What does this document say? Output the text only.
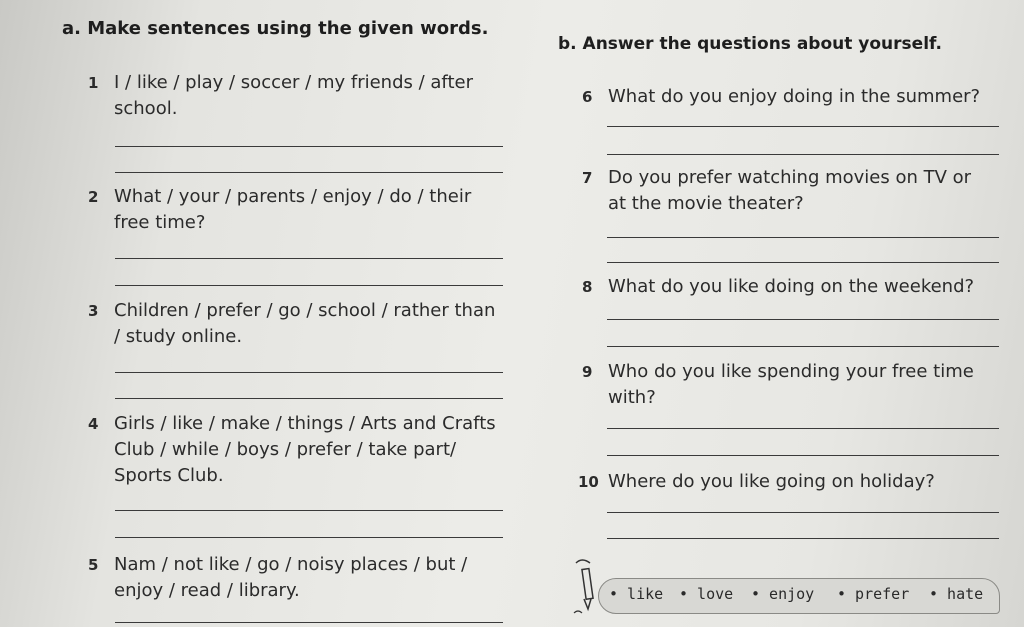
a. Make sentences using the given words.
b. Answer the questions about yourself.
1 I / like / play / soccer / my friends / after school.
2 What / your / parents / enjoy / do / their free time?
3 Children / prefer / go / school / rather than / study online.
4 Girls / like / make / things / Arts and Crafts Club / while / boys / prefer / take part/ Sports Club.
5 Nam / not like / go / noisy places / but / enjoy / read / library.
6 What do you enjoy doing in the summer?
7 Do you prefer watching movies on TV or at the movie theater?
8 What do you like doing on the weekend?
9 Who do you like spending your free time with?
10 Where do you like going on holiday?
• like • love • enjoy • prefer • hate
